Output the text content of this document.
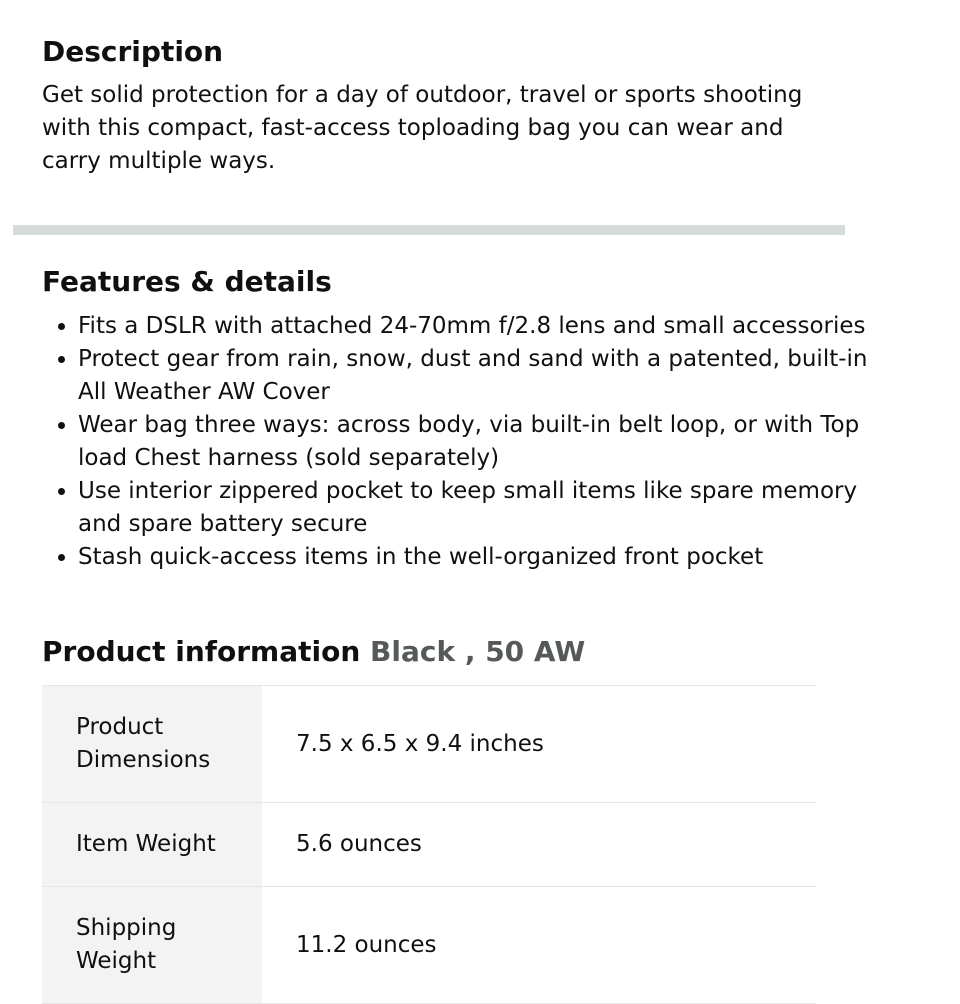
Description

Get solid protection for a day of outdoor, travel or sports shooting with this compact, fast-access toploading bag you can wear and carry multiple ways.

Features & details
• Fits a DSLR with attached 24-70mm f/2.8 lens and small accessories
• Protect gear from rain, snow, dust and sand with a patented, built-in All Weather AW Cover
• Wear bag three ways: across body, via built-in belt loop, or with Top load Chest harness (sold separately)
• Use interior zippered pocket to keep small items like spare memory and spare battery secure
• Stash quick-access items in the well-organized front pocket
Product information Black , 50 AW
Product Dimensions	7.5 x 6.5 x 9.4 inches
Item Weight	5.6 ounces
Shipping Weight	11.2 ounces
